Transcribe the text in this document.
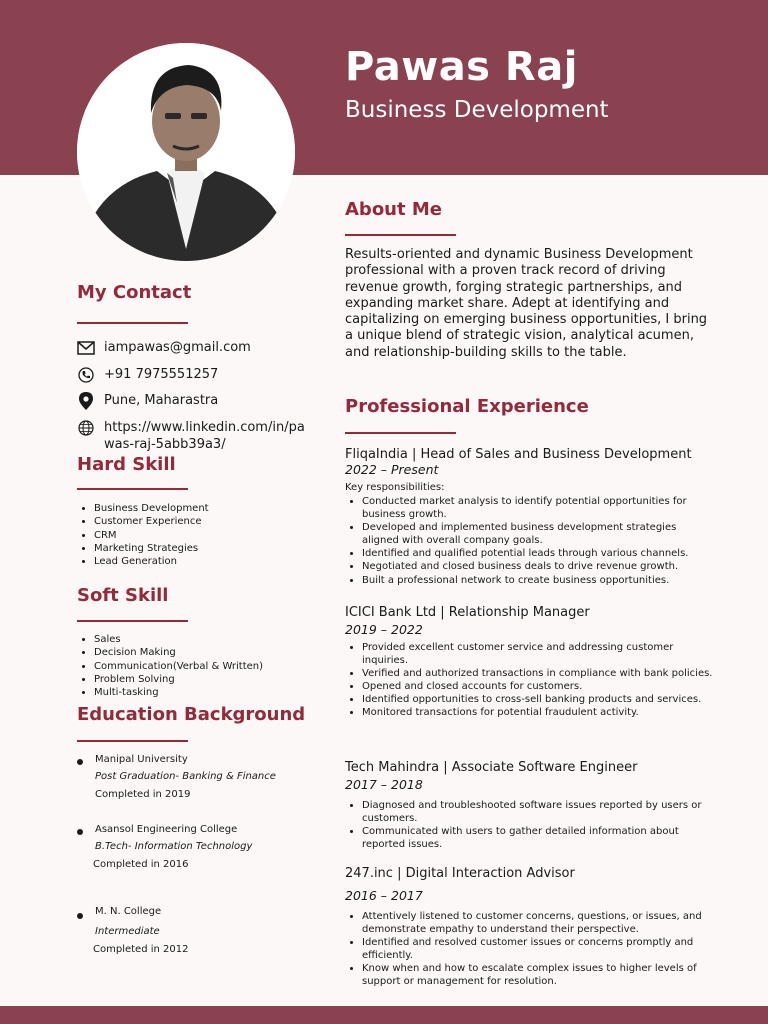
Pawas Raj
Business Development
My Contact
iampawas@gmail.com
+91 7975551257
Pune, Maharastra
https://www.linkedin.com/in/pawas-raj-5abb39a3/
Hard Skill
• Business Development
• Customer Experience
• CRM
• Marketing Strategies
• Lead Generation
Soft Skill
• Sales
• Decision Making
• Communication(Verbal & Written)
• Problem Solving
• Multi-tasking
Education Background
Manipal University
Post Graduation- Banking & Finance
Completed in 2019
Asansol Engineering College
B.Tech- Information Technology
Completed in 2016
M. N. College
Intermediate
Completed in 2012
About Me
Results-oriented and dynamic Business Development professional with a proven track record of driving revenue growth, forging strategic partnerships, and expanding market share. Adept at identifying and capitalizing on emerging business opportunities, I bring a unique blend of strategic vision, analytical acumen, and relationship-building skills to the table.
Professional Experience
FliqaIndia | Head of Sales and Business Development
2022 – Present
Key responsibilities:
• Conducted market analysis to identify potential opportunities for business growth.
• Developed and implemented business development strategies aligned with overall company goals.
• Identified and qualified potential leads through various channels.
• Negotiated and closed business deals to drive revenue growth.
• Built a professional network to create business opportunities.
ICICI Bank Ltd | Relationship Manager
2019 – 2022
• Provided excellent customer service and addressing customer inquiries.
• Verified and authorized transactions in compliance with bank policies.
• Opened and closed accounts for customers.
• Identified opportunities to cross-sell banking products and services.
• Monitored transactions for potential fraudulent activity.
Tech Mahindra | Associate Software Engineer
2017 – 2018
• Diagnosed and troubleshooted software issues reported by users or customers.
• Communicated with users to gather detailed information about reported issues.
247.inc | Digital Interaction Advisor
2016 – 2017
• Attentively listened to customer concerns, questions, or issues, and demonstrate empathy to understand their perspective.
• Identified and resolved customer issues or concerns promptly and efficiently.
• Know when and how to escalate complex issues to higher levels of support or management for resolution.
